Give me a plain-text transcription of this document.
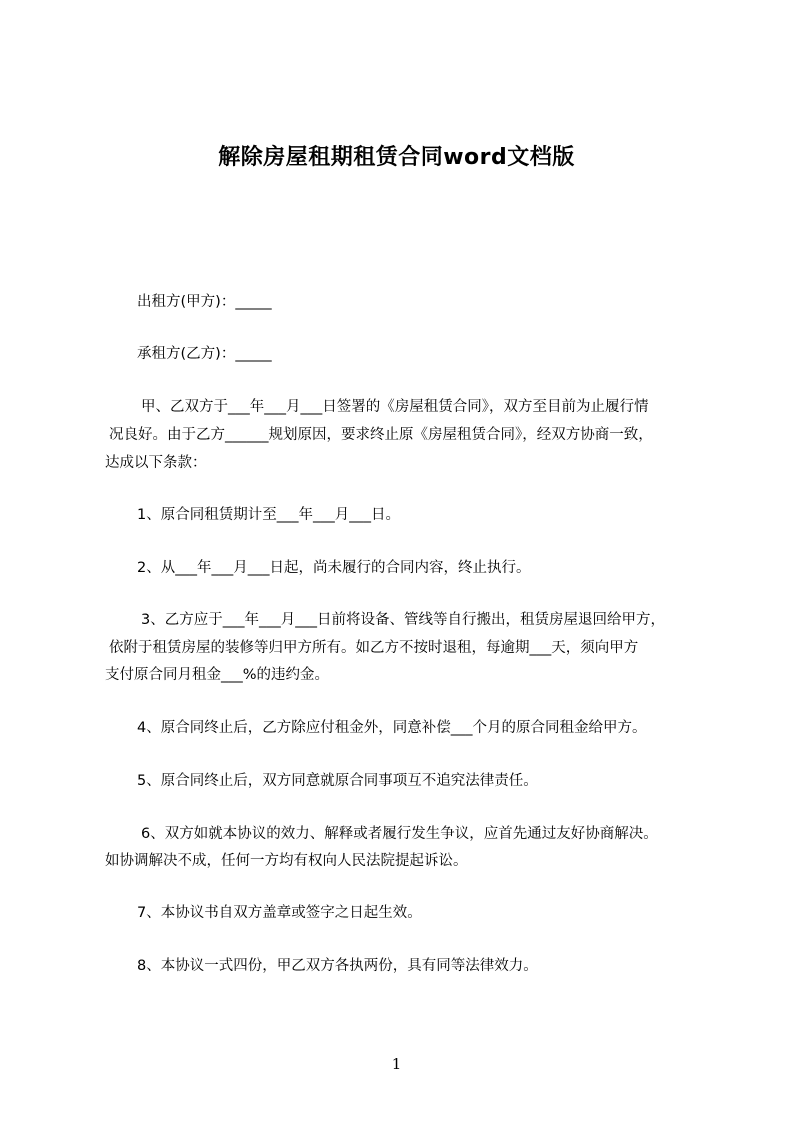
解除房屋租期租赁合同word文档版
出租方(甲方)：_____
承租方(乙方)：_____
甲、乙双方于___年___月___日签署的《房屋租赁合同》，双方至目前为止履行情
况良好。由于乙方______规划原因，要求终止原《房屋租赁合同》，经双方协商一致，
达成以下条款：
1、原合同租赁期计至___年___月___日。
2、从___年___月___日起，尚未履行的合同内容，终止执行。
3、乙方应于___年___月___日前将设备、管线等自行搬出，租赁房屋退回给甲方，
依附于租赁房屋的装修等归甲方所有。如乙方不按时退租，每逾期___天，须向甲方
支付原合同月租金___%的违约金。
4、原合同终止后，乙方除应付租金外，同意补偿___个月的原合同租金给甲方。
5、原合同终止后，双方同意就原合同事项互不追究法律责任。
6、双方如就本协议的效力、解释或者履行发生争议，应首先通过友好协商解决。
如协调解决不成，任何一方均有权向人民法院提起诉讼。
7、本协议书自双方盖章或签字之日起生效。
8、本协议一式四份，甲乙双方各执两份，具有同等法律效力。
1
